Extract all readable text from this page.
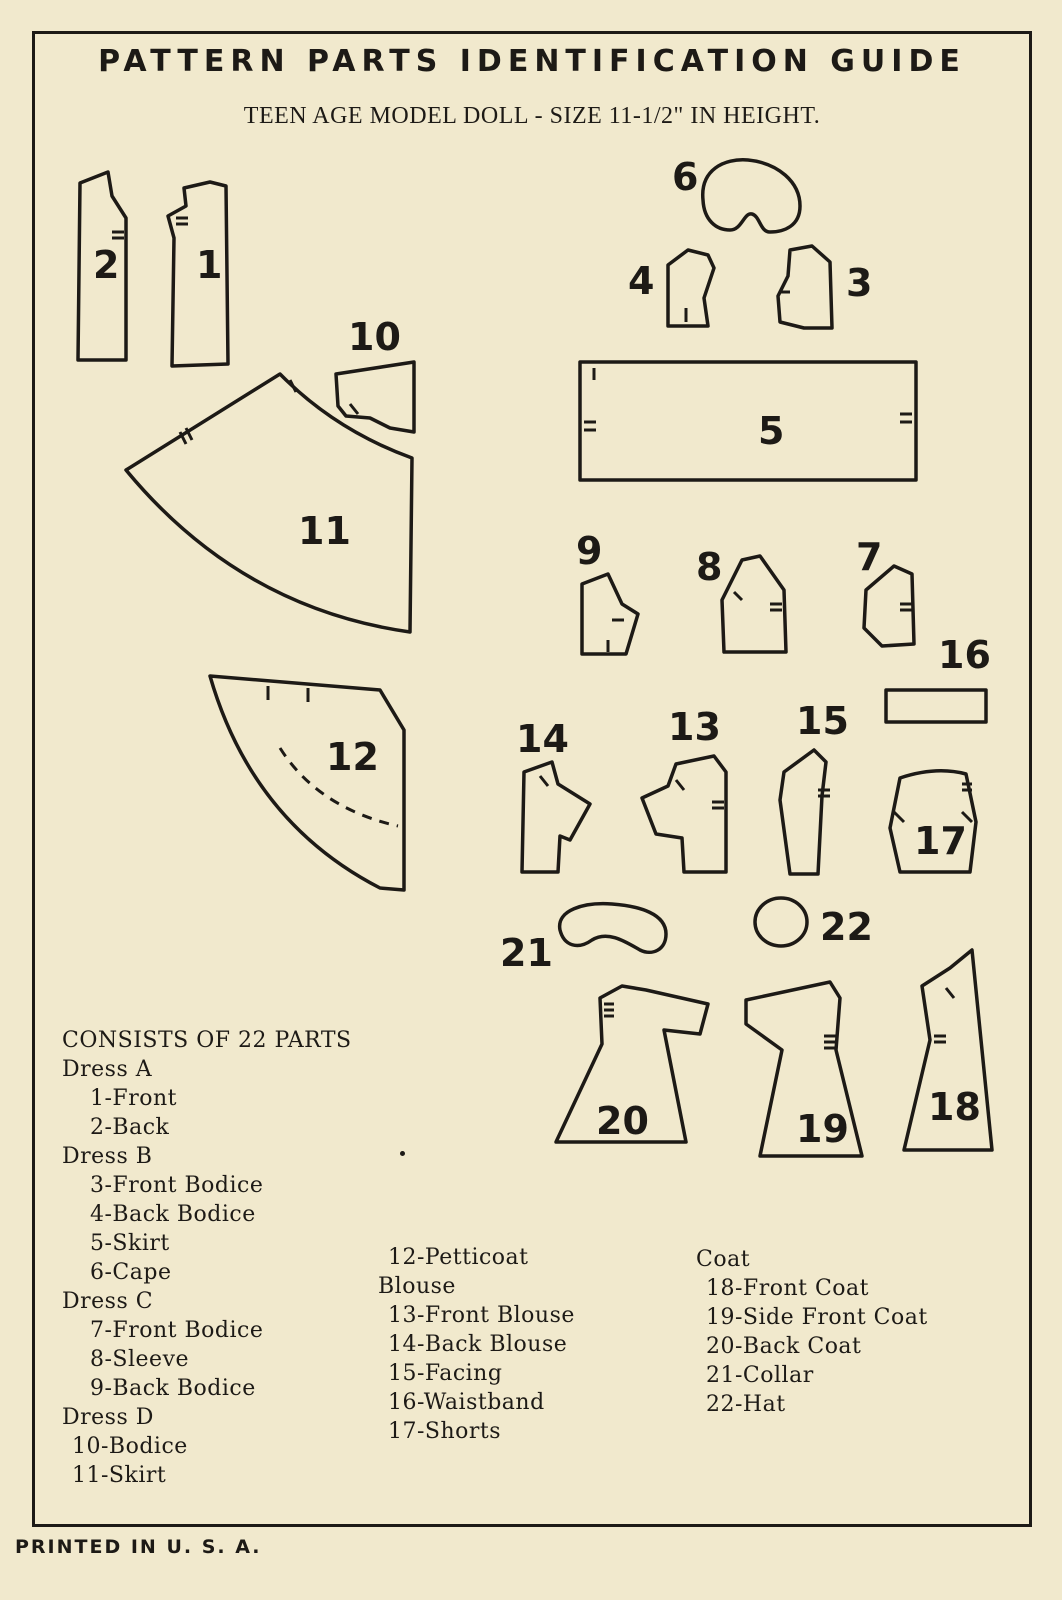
PATTERN PARTS IDENTIFICATION GUIDE
TEEN AGE MODEL DOLL - SIZE 11-1/2" IN HEIGHT.
2 1
6
4	3
10
11
12
5
9 8	7
16
14	13 15
17
21
22
20	19 18
CONSISTS OF 22 PARTS
Dress A
1-Front
2-Back
Dress B
3-Front Bodice
4-Back Bodice
5-Skirt
6-Cape
Dress C
7-Front Bodice
8-Sleeve
9-Back Bodice
Dress D
10-Bodice
11-Skirt
12-Petticoat
Blouse
13-Front Blouse
14-Back Blouse
15-Facing
16-Waistband
17-Shorts
Coat
18-Front Coat
19-Side Front Coat
20-Back Coat
21-Collar
22-Hat
PRINTED IN U. S. A.
